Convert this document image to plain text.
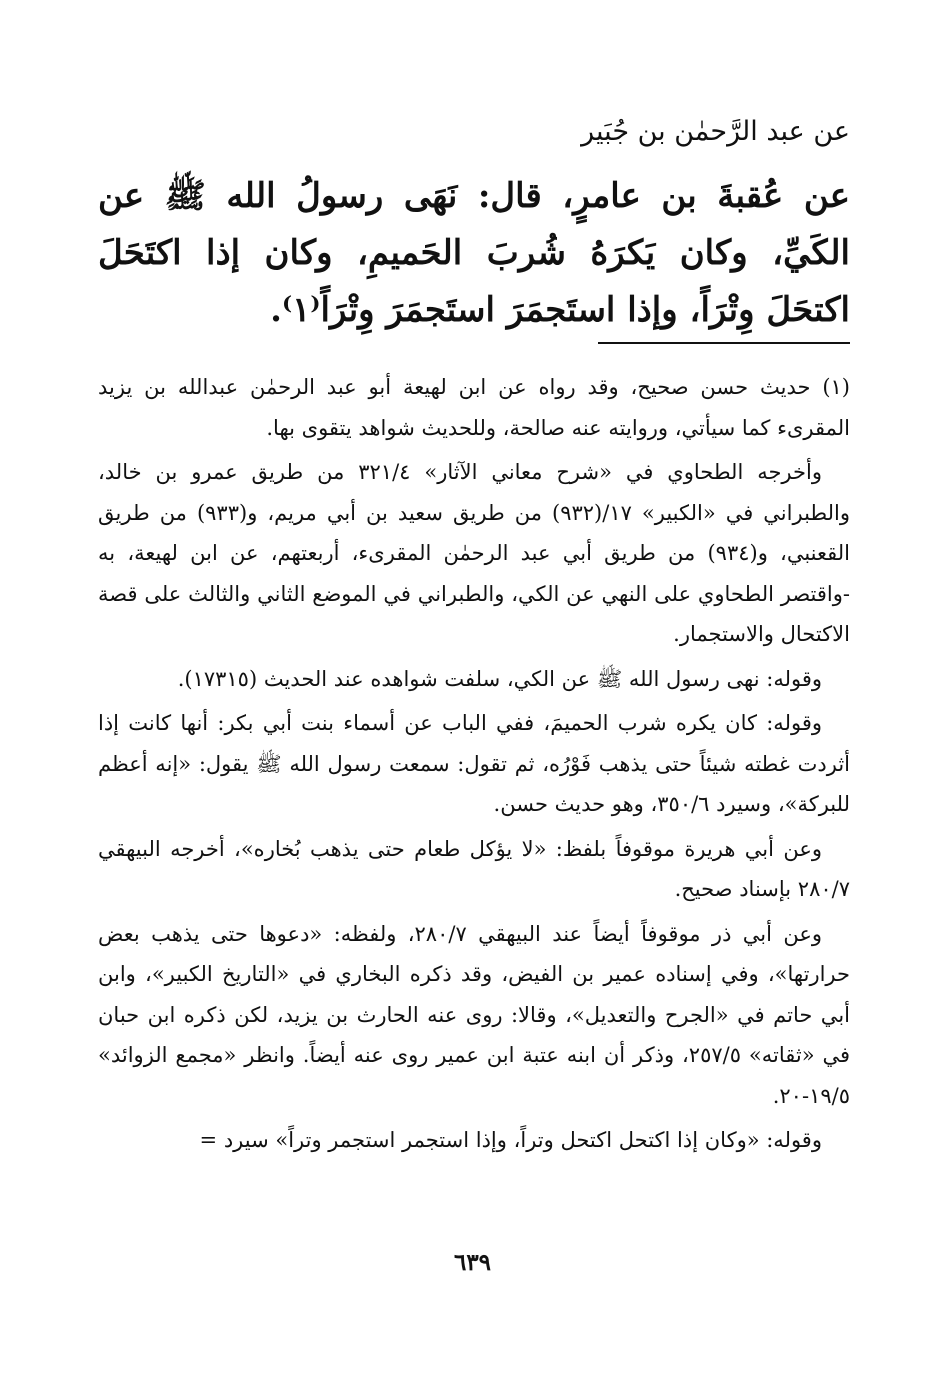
عن عبد الرَّحمٰن بن جُبَير
عن عُقبةَ بن عامرٍ، قال: نَهَى رسولُ الله ﷺ عن الكَيِّ، وكان يَكرَهُ شُربَ الحَميمِ، وكان إذا اكتَحَلَ اكتحَلَ وِتْرَاً، وإذا استَجمَرَ استَجمَرَ وِتْرَاً⁽١⁾.

(١) حديث حسن صحيح، وقد رواه عن ابن لهيعة أبو عبد الرحمٰن عبدالله بن يزيد المقرىء كما سيأتي، وروايته عنه صالحة، وللحديث شواهد يتقوى بها.

وأخرجه الطحاوي في «شرح معاني الآثار» ٣٢١/٤ من طريق عمرو بن خالد، والطبراني في «الكبير» ١٧/(٩٣٢) من طريق سعيد بن أبي مريم، و(٩٣٣) من طريق القعنبي، و(٩٣٤) من طريق أبي عبد الرحمٰن المقرىء، أربعتهم، عن ابن لهيعة، به -واقتصر الطحاوي على النهي عن الكي، والطبراني في الموضع الثاني والثالث على قصة الاكتحال والاستجمار.

وقوله: نهى رسول الله ﷺ عن الكي، سلفت شواهده عند الحديث (١٧٣١٥).

وقوله: كان يكره شرب الحميمَ، ففي الباب عن أسماء بنت أبي بكر: أنها كانت إذا أثردت غطته شيئاً حتى يذهب فَوْرُه، ثم تقول: سمعت رسول الله ﷺ يقول: «إنه أعظم للبركة»، وسيرد ٣٥٠/٦، وهو حديث حسن.

وعن أبي هريرة موقوفاً بلفظ: «لا يؤكل طعام حتى يذهب بُخاره»، أخرجه البيهقي ٢٨٠/٧ بإسناد صحيح.

وعن أبي ذر موقوفاً أيضاً عند البيهقي ٢٨٠/٧، ولفظه: «دعوها حتى يذهب بعض حرارتها»، وفي إسناده عمير بن الفيض، وقد ذكره البخاري في «التاريخ الكبير»، وابن أبي حاتم في «الجرح والتعديل»، وقالا: روى عنه الحارث بن يزيد، لكن ذكره ابن حبان في «ثقاته» ٢٥٧/٥، وذكر أن ابنه عتبة ابن عمير روى عنه أيضاً. وانظر «مجمع الزوائد» ١٩/٥-٢٠.

وقوله: «وكان إذا اكتحل اكتحل وتراً، وإذا استجمر استجمر وتراً» سيرد =

٦٣٩
